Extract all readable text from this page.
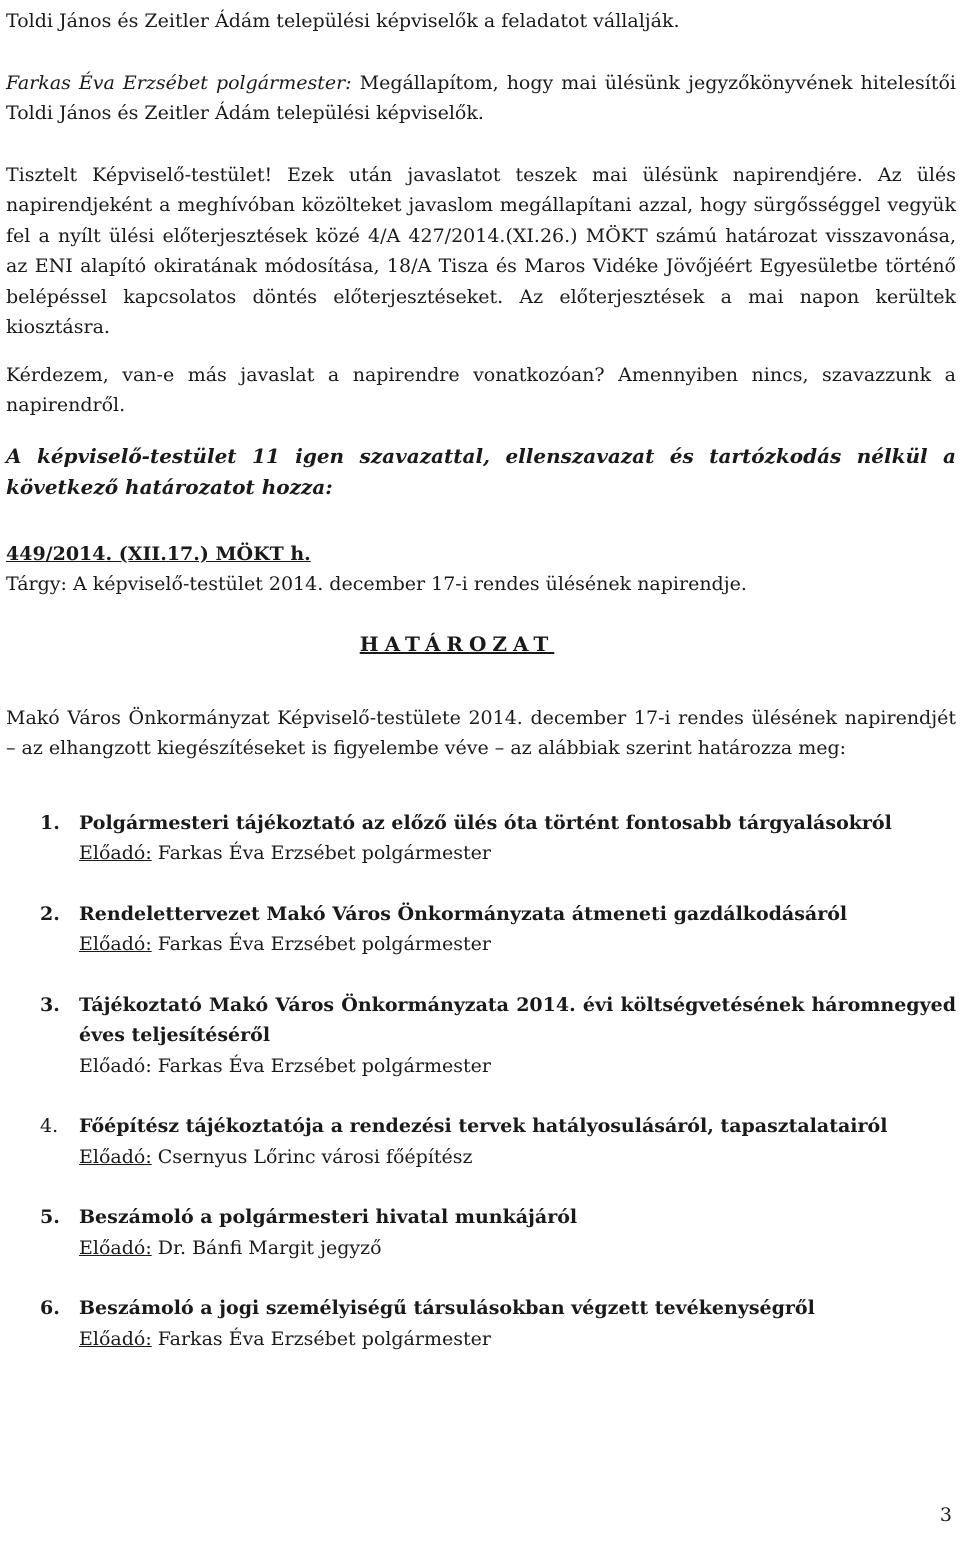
Toldi János és Zeitler Ádám települési képviselők a feladatot vállalják.

Farkas Éva Erzsébet polgármester: Megállapítom, hogy mai ülésünk jegyzőkönyvének hitelesítői Toldi János és Zeitler Ádám települési képviselők.

Tisztelt Képviselő-testület! Ezek után javaslatot teszek mai ülésünk napirendjére. Az ülés napirendjeként a meghívóban közölteket javaslom megállapítani azzal, hogy sürgősséggel vegyük fel a nyílt ülési előterjesztések közé 4/A 427/2014.(XI.26.) MÖKT számú határozat visszavonása, az ENI alapító okiratának módosítása, 18/A Tisza és Maros Vidéke Jövőjéért Egyesületbe történő belépéssel kapcsolatos döntés előterjesztéseket. Az előterjesztések a mai napon kerültek kiosztásra.

Kérdezem, van-e más javaslat a napirendre vonatkozóan? Amennyiben nincs, szavazzunk a napirendről.

A képviselő-testület 11 igen szavazattal, ellenszavazat és tartózkodás nélkül a következő határozatot hozza:

449/2014. (XII.17.) MÖKT h.
Tárgy: A képviselő-testület 2014. december 17-i rendes ülésének napirendje.
HATÁROZAT

Makó Város Önkormányzat Képviselő-testülete 2014. december 17-i rendes ülésének napirendjét – az elhangzott kiegészítéseket is figyelembe véve – az alábbiak szerint határozza meg:

1. Polgármesteri tájékoztató az előző ülés óta történt fontosabb tárgyalásokról
Előadó: Farkas Éva Erzsébet polgármester
2. Rendelettervezet Makó Város Önkormányzata átmeneti gazdálkodásáról
Előadó: Farkas Éva Erzsébet polgármester
3. Tájékoztató Makó Város Önkormányzata 2014. évi költségvetésének háromnegyed éves teljesítéséről
Előadó: Farkas Éva Erzsébet polgármester
4. Főépítész tájékoztatója a rendezési tervek hatályosulásáról, tapasztalatairól
Előadó: Csernyus Lőrinc városi főépítész
5. Beszámoló a polgármesteri hivatal munkájáról
Előadó: Dr. Bánfi Margit jegyző
6. Beszámoló a jogi személyiségű társulásokban végzett tevékenységről
Előadó: Farkas Éva Erzsébet polgármester
3
